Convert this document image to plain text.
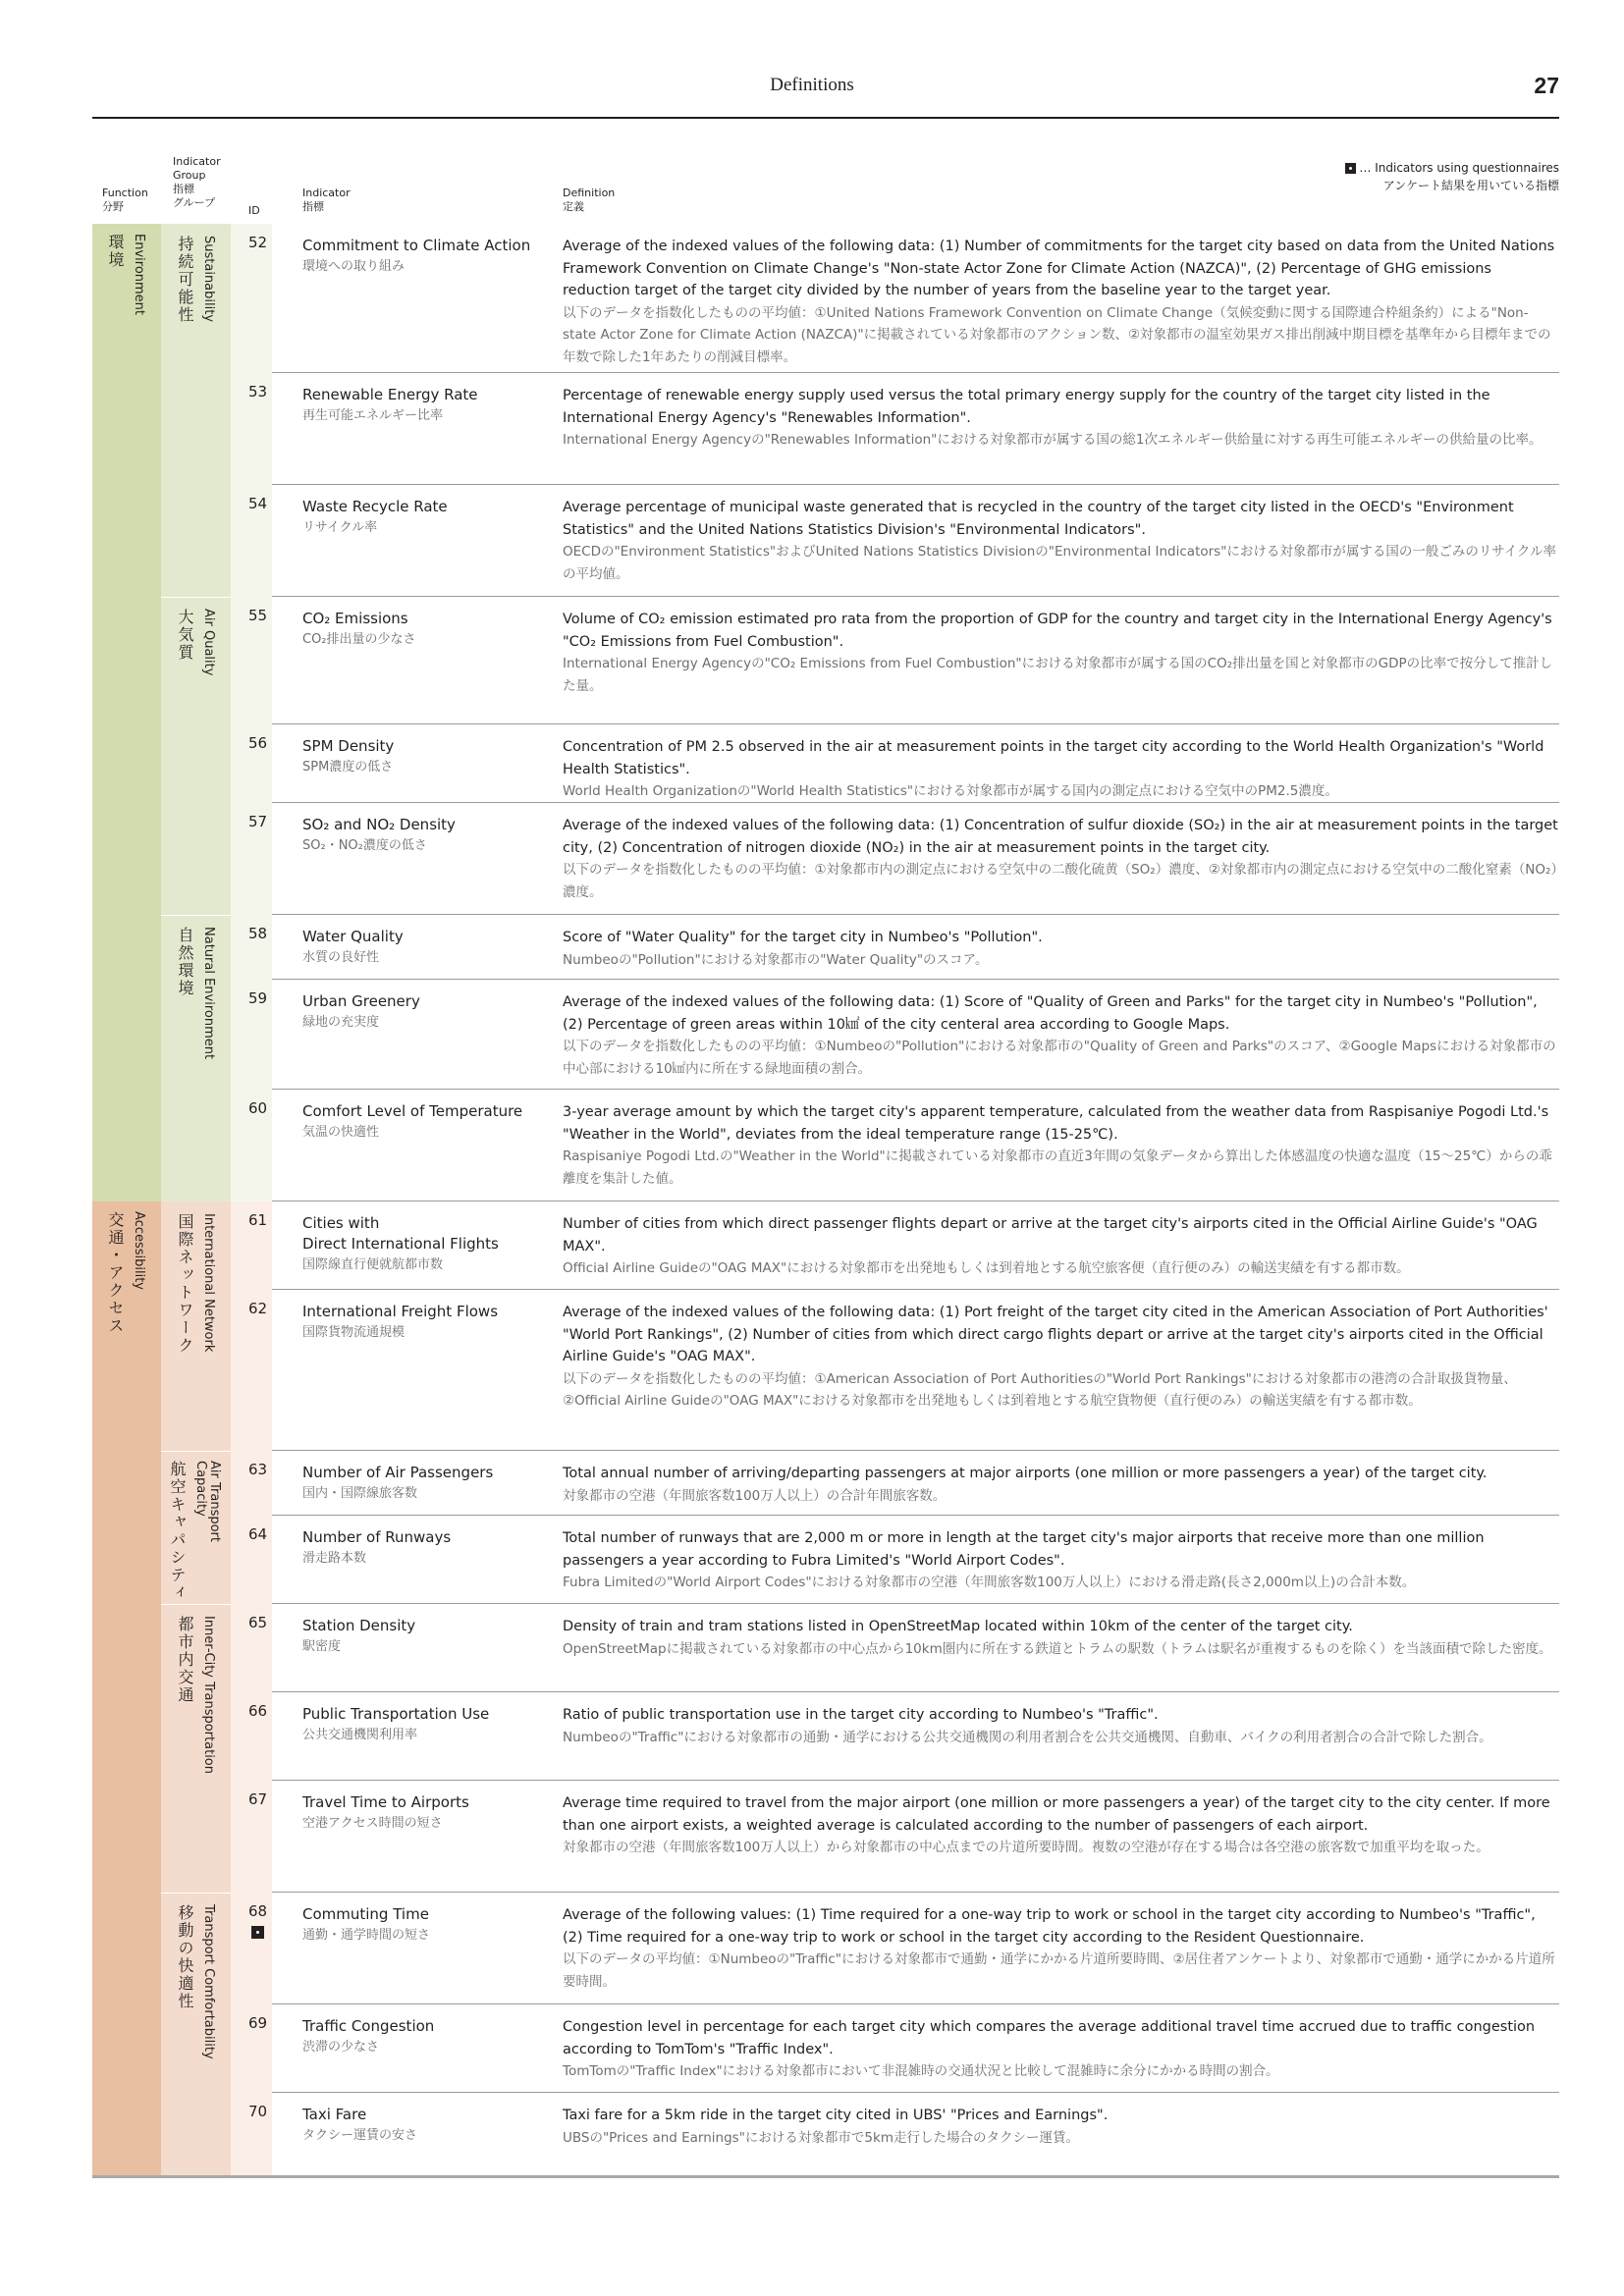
Definitions	27
Function
分野
Indicator
Group
指標
グループ
ID
Indicator
指標
Definition
定義
… Indicators using questionnaires
アンケート結果を用いている指標
Environment
環境
Accessibility
交通・アクセス
Sustainability
持続可能性
Air Quality
大気質
Natural Environment
自然環境
International Network
国際ネットワーク
Air Transport
Capacity
航空キャパシティ
Inner-City Transportation
都市内交通
Transport Comfortability
移動の快適性
52 Commitment to Climate Action
環境への取り組み
Average of the indexed values of the following data: (1) Number of commitments for the target city based on data from the United Nations Framework Convention on Climate Change's "Non-state Actor Zone for Climate Action (NAZCA)", (2) Percentage of GHG emissions reduction target of the target city divided by the number of years from the baseline year to the target year.
以下のデータを指数化したものの平均値：①United Nations Framework Convention on Climate Change（気候変動に関する国際連合枠組条約）による"Non-state Actor Zone for Climate Action (NAZCA)"に掲載されている対象都市のアクション数、②対象都市の温室効果ガス排出削減中期目標を基準年から目標年までの年数で除した1年あたりの削減目標率。
53 Renewable Energy Rate
再生可能エネルギー比率
Percentage of renewable energy supply used versus the total primary energy supply for the country of the target city listed in the International Energy Agency's "Renewables Information".
International Energy Agencyの"Renewables Information"における対象都市が属する国の総1次エネルギー供給量に対する再生可能エネルギーの供給量の比率。
54 Waste Recycle Rate
リサイクル率
Average percentage of municipal waste generated that is recycled in the country of the target city listed in the OECD's "Environment Statistics" and the United Nations Statistics Division's "Environmental Indicators".
OECDの"Environment Statistics"およびUnited Nations Statistics Divisionの"Environmental Indicators"における対象都市が属する国の一般ごみのリサイクル率の平均値。
55 CO₂ Emissions
CO₂排出量の少なさ
Volume of CO₂ emission estimated pro rata from the proportion of GDP for the country and target city in the International Energy Agency's "CO₂ Emissions from Fuel Combustion".
International Energy Agencyの"CO₂ Emissions from Fuel Combustion"における対象都市が属する国のCO₂排出量を国と対象都市のGDPの比率で按分して推計した量。
56 SPM Density
SPM濃度の低さ
Concentration of PM 2.5 observed in the air at measurement points in the target city according to the World Health Organization's "World Health Statistics".
World Health Organizationの"World Health Statistics"における対象都市が属する国内の測定点における空気中のPM2.5濃度。
57 SO₂ and NO₂ Density
SO₂・NO₂濃度の低さ
Average of the indexed values of the following data: (1) Concentration of sulfur dioxide (SO₂) in the air at measurement points in the target city, (2) Concentration of nitrogen dioxide (NO₂) in the air at measurement points in the target city.
以下のデータを指数化したものの平均値：①対象都市内の測定点における空気中の二酸化硫黄（SO₂）濃度、②対象都市内の測定点における空気中の二酸化窒素（NO₂）濃度。
58 Water Quality
水質の良好性
Score of "Water Quality" for the target city in Numbeo's "Pollution".
Numbeoの"Pollution"における対象都市の"Water Quality"のスコア。
59 Urban Greenery
緑地の充実度
Average of the indexed values of the following data: (1) Score of "Quality of Green and Parks" for the target city in Numbeo's "Pollution", (2) Percentage of green areas within 10㎢ of the city centeral area according to Google Maps.
以下のデータを指数化したものの平均値：①Numbeoの"Pollution"における対象都市の"Quality of Green and Parks"のスコア、②Google Mapsにおける対象都市の中心部における10㎢内に所在する緑地面積の割合。
60 Comfort Level of Temperature
気温の快適性
3-year average amount by which the target city's apparent temperature, calculated from the weather data from Raspisaniye Pogodi Ltd.'s "Weather in the World", deviates from the ideal temperature range (15-25℃).
Raspisaniye Pogodi Ltd.の"Weather in the World"に掲載されている対象都市の直近3年間の気象データから算出した体感温度の快適な温度（15〜25℃）からの乖離度を集計した値。
61 Cities with
Direct International Flights
国際線直行便就航都市数
Number of cities from which direct passenger flights depart or arrive at the target city's airports cited in the Official Airline Guide's "OAG MAX".
Official Airline Guideの"OAG MAX"における対象都市を出発地もしくは到着地とする航空旅客便（直行便のみ）の輸送実績を有する都市数。
62 International Freight Flows
国際貨物流通規模
Average of the indexed values of the following data: (1) Port freight of the target city cited in the American Association of Port Authorities' "World Port Rankings", (2) Number of cities from which direct cargo flights depart or arrive at the target city's airports cited in the Official Airline Guide's "OAG MAX".
以下のデータを指数化したものの平均値：①American Association of Port Authoritiesの"World Port Rankings"における対象都市の港湾の合計取扱貨物量、②Official Airline Guideの"OAG MAX"における対象都市を出発地もしくは到着地とする航空貨物便（直行便のみ）の輸送実績を有する都市数。
63 Number of Air Passengers
国内・国際線旅客数
Total annual number of arriving/departing passengers at major airports (one million or more passengers a year) of the target city.
対象都市の空港（年間旅客数100万人以上）の合計年間旅客数。
64 Number of Runways
滑走路本数
Total number of runways that are 2,000 m or more in length at the target city's major airports that receive more than one million passengers a year according to Fubra Limited's "World Airport Codes".
Fubra Limitedの"World Airport Codes"における対象都市の空港（年間旅客数100万人以上）における滑走路(長さ2,000m以上)の合計本数。
65 Station Density
駅密度
Density of train and tram stations listed in OpenStreetMap located within 10km of the center of the target city.
OpenStreetMapに掲載されている対象都市の中心点から10km圏内に所在する鉄道とトラムの駅数（トラムは駅名が重複するものを除く）を当該面積で除した密度。
66 Public Transportation Use
公共交通機関利用率
Ratio of public transportation use in the target city according to Numbeo's "Traffic".
Numbeoの"Traffic"における対象都市の通勤・通学における公共交通機関の利用者割合を公共交通機関、自動車、バイクの利用者割合の合計で除した割合。
67 Travel Time to Airports
空港アクセス時間の短さ
Average time required to travel from the major airport (one million or more passengers a year) of the target city to the city center. If more than one airport exists, a weighted average is calculated according to the number of passengers of each airport.
対象都市の空港（年間旅客数100万人以上）から対象都市の中心点までの片道所要時間。複数の空港が存在する場合は各空港の旅客数で加重平均を取った。
68 Commuting Time
通勤・通学時間の短さ
Average of the following values: (1) Time required for a one-way trip to work or school in the target city according to Numbeo's "Traffic", (2) Time required for a one-way trip to work or school in the target city according to the Resident Questionnaire.
以下のデータの平均値：①Numbeoの"Traffic"における対象都市で通勤・通学にかかる片道所要時間、②居住者アンケートより、対象都市で通勤・通学にかかる片道所要時間。
69 Traffic Congestion
渋滞の少なさ
Congestion level in percentage for each target city which compares the average additional travel time accrued due to traffic congestion according to TomTom's "Traffic Index".
TomTomの"Traffic Index"における対象都市において非混雑時の交通状況と比較して混雑時に余分にかかる時間の割合。
70 Taxi Fare
タクシー運賃の安さ
Taxi fare for a 5km ride in the target city cited in UBS' "Prices and Earnings".
UBSの"Prices and Earnings"における対象都市で5km走行した場合のタクシー運賃。
